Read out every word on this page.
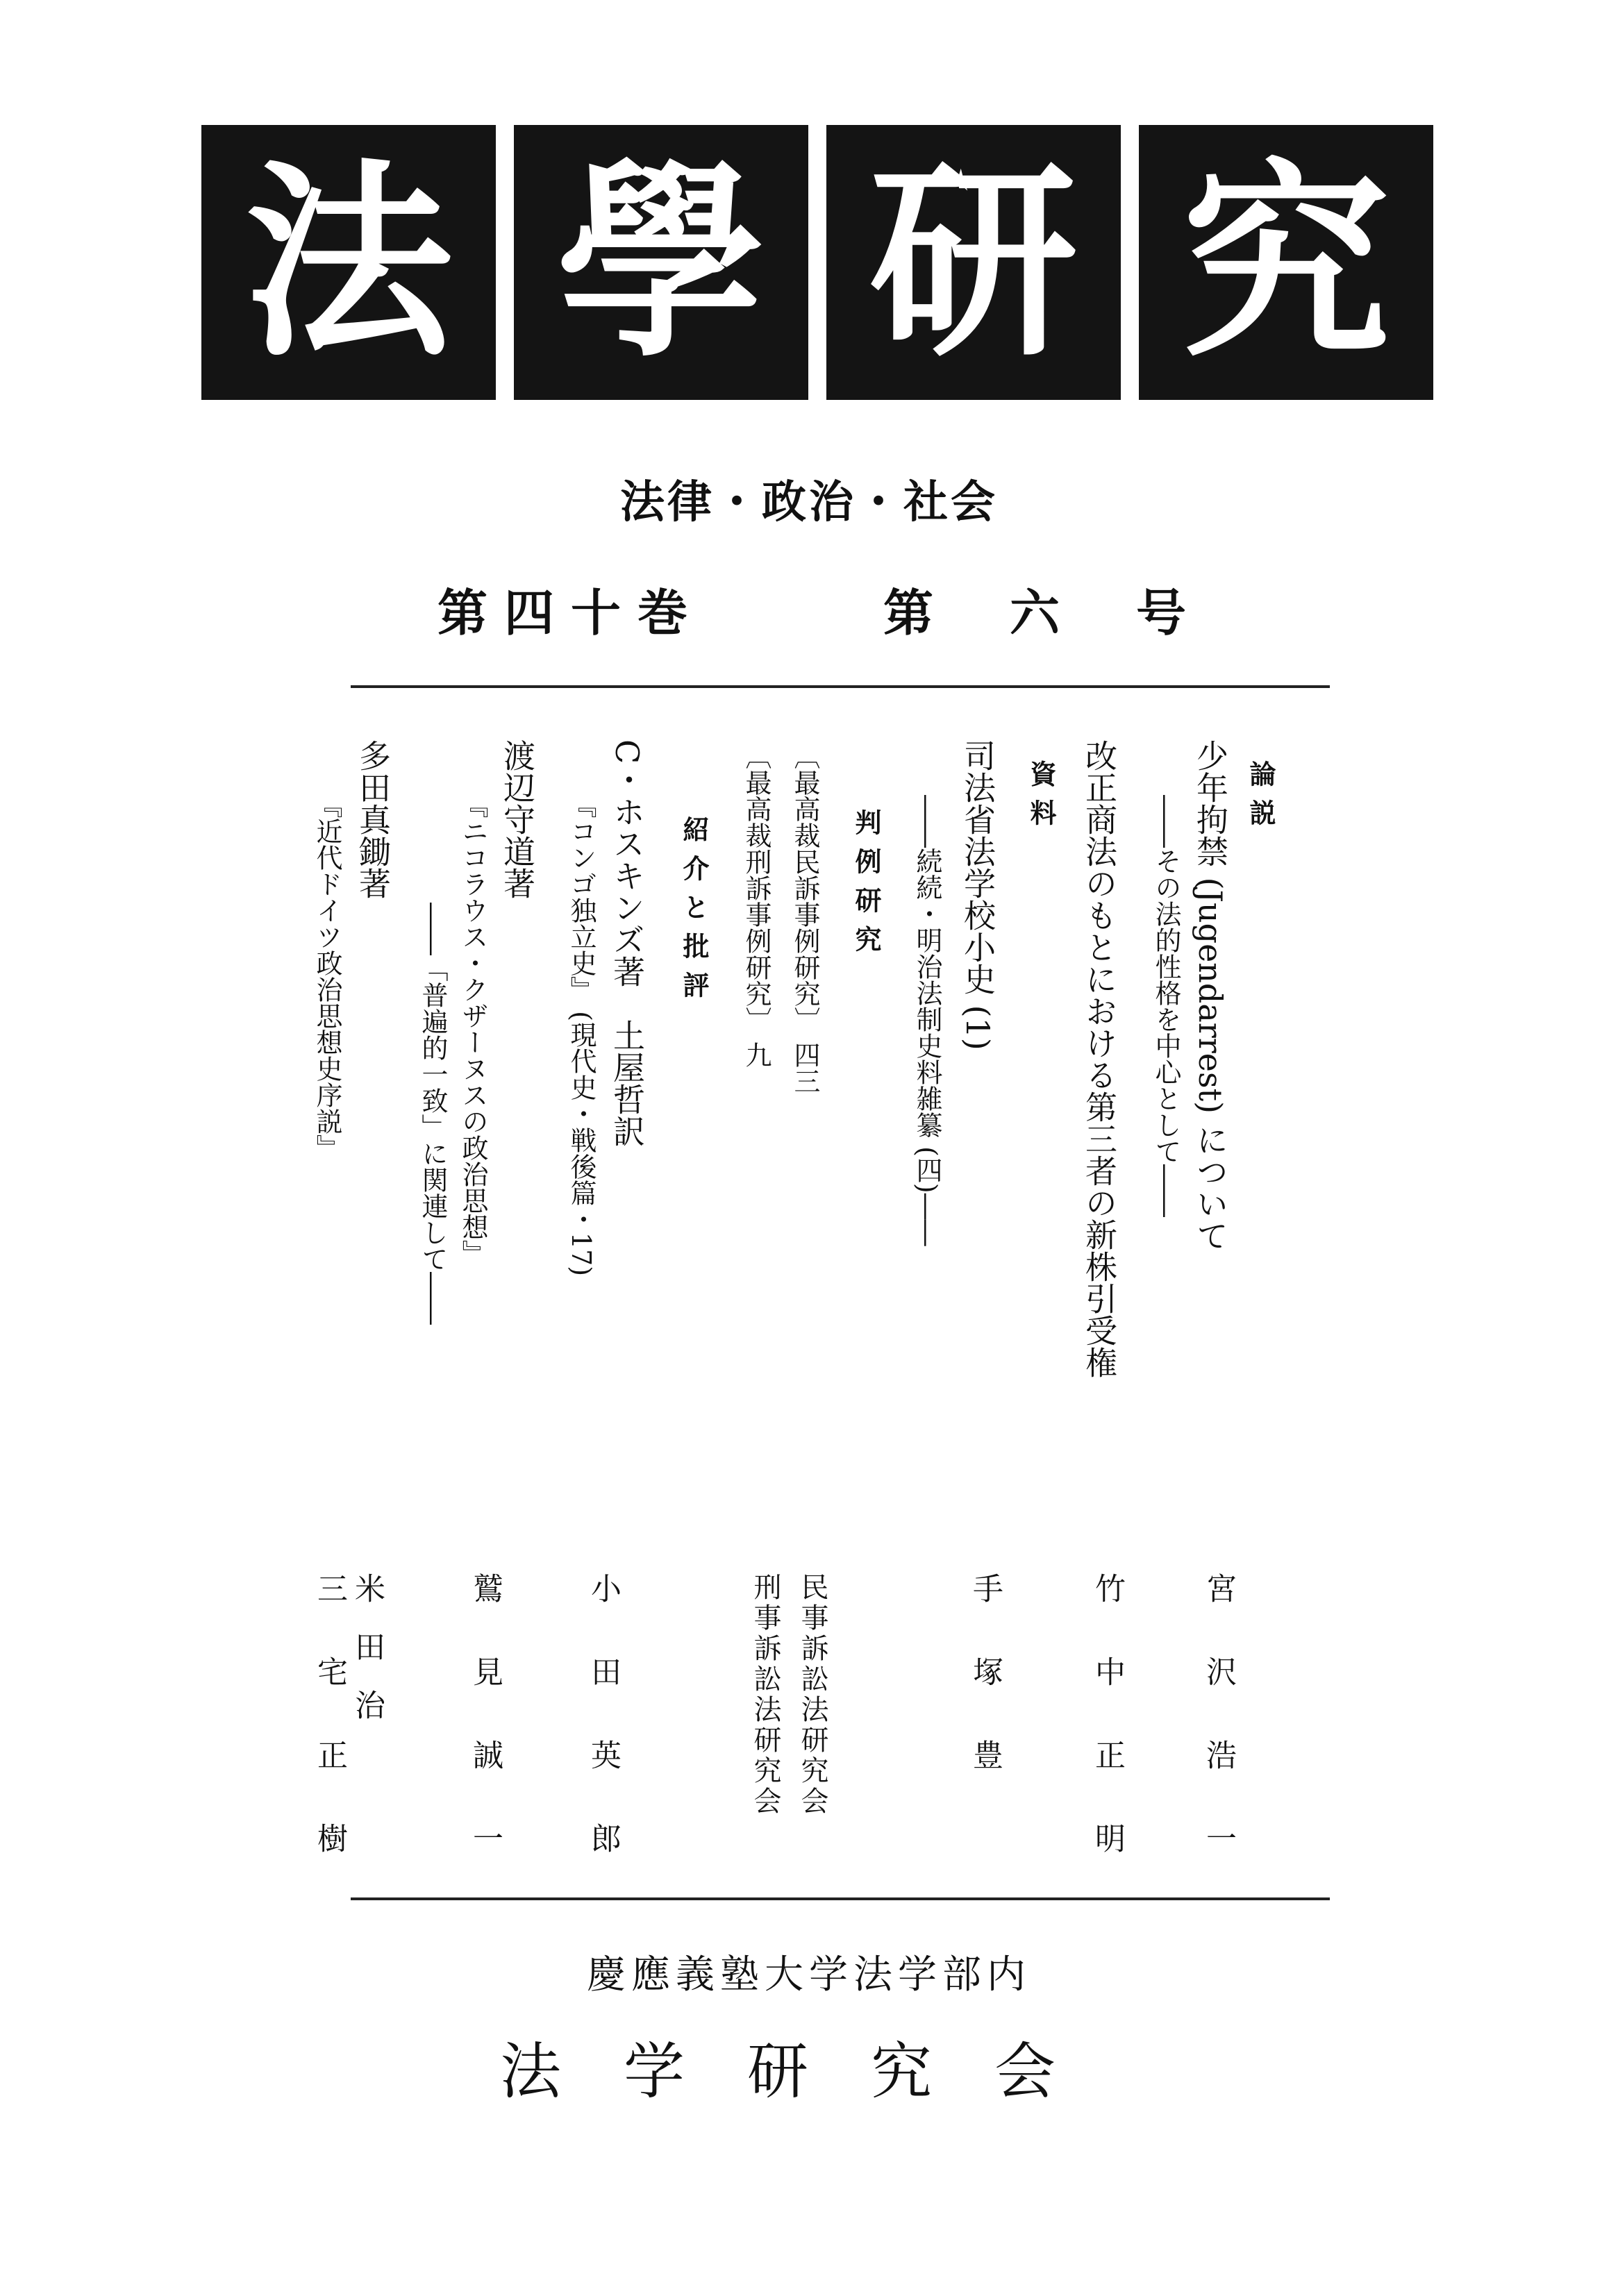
法 學 研 究
法律・政治・社会
第四十巻	第六号
論説
少年拘禁 (Jugendarrest) について
――その法的性格を中心として――
宮沢浩一
改正商法のもとにおける第三者の新株引受権
竹中正明
資料
司法省法学校小史 (1)
――続続・明治法制史料雑纂 (四)――
手塚豊
判例研究
〔最高裁民訴事例研究〕 四三
〔最高裁刑訴事例研究〕 九
民事訴訟法研究会
刑事訴訟法研究会
紹介と批評
C・ホスキンズ著　土屋哲訳
『コンゴ独立史』 (現代史・戦後篇・17)
小田英郎
渡辺守道著
『ニコラウス・クザーヌスの政治思想』
――「普遍的一致」に関連して――
鷲見誠一
多田真鋤著
『近代ドイツ政治思想史序説』
米田治
三宅正樹
慶應義塾大学法学部内
法学研究会
